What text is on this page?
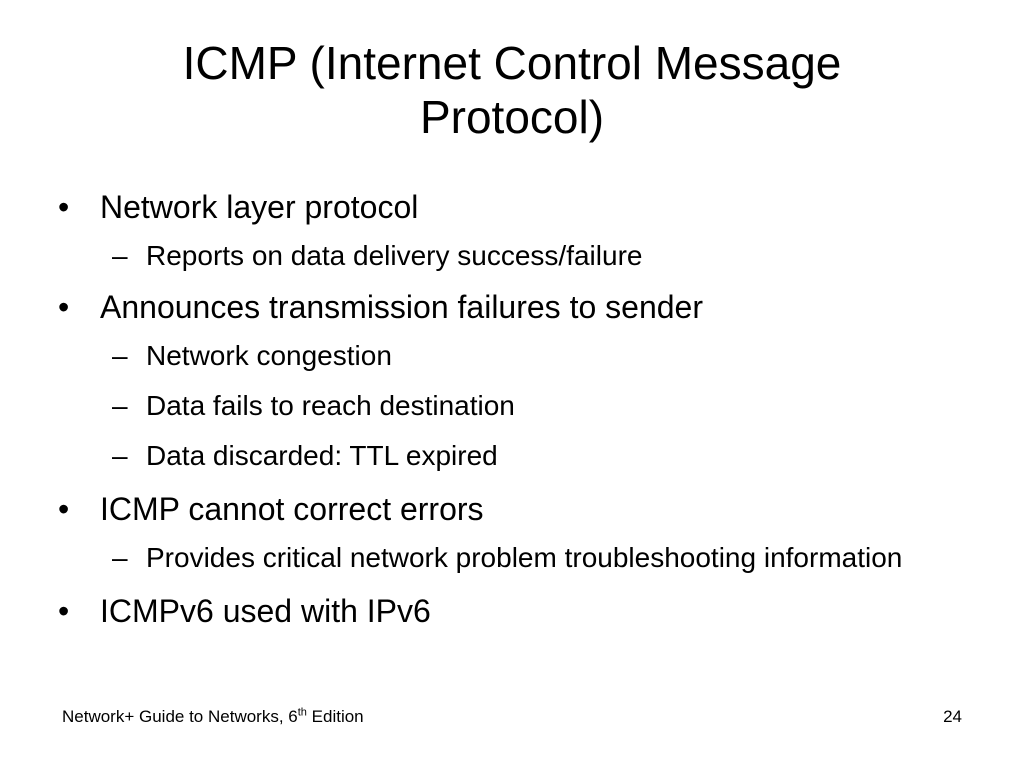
ICMP (Internet Control Message
Protocol)
• Network layer protocol
– Reports on data delivery success/failure
• Announces transmission failures to sender
– Network congestion
– Data fails to reach destination
– Data discarded: TTL expired
• ICMP cannot correct errors
– Provides critical network problem troubleshooting information
• ICMPv6 used with IPv6
Network+ Guide to Networks, 6th Edition	24
